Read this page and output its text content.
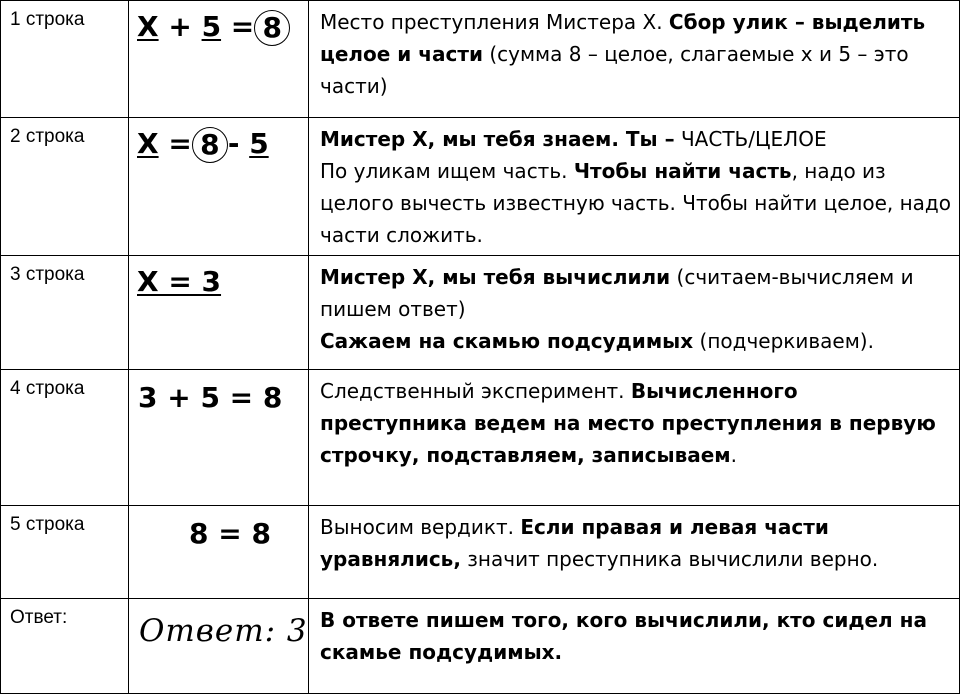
1 строка	X + 5 = 8	Место преступления Мистера Х. Сбор улик – выделить целое и части (сумма 8 – целое, слагаемые х и 5 – это части)

2 строка	X = 8 - 5	Мистер Х, мы тебя знаем. Ты – ЧАСТЬ/ЦЕЛОЕ
По уликам ищем часть. Чтобы найти часть, надо из целого вычесть известную часть. Чтобы найти целое, надо части сложить.

3 строка	X = 3	Мистер Х, мы тебя вычислили (считаем-вычисляем и пишем ответ)
Сажаем на скамью подсудимых (подчеркиваем).

4 строка	3 + 5 = 8	Следственный эксперимент. Вычисленного преступника ведем на место преступления в первую строчку, подставляем, записываем.

5 строка	8 = 8	Выносим вердикт. Если правая и левая части уравнялись, значит преступника вычислили верно.

Ответ:	Ответ: 3	В ответе пишем того, кого вычислили, кто сидел на скамье подсудимых.
